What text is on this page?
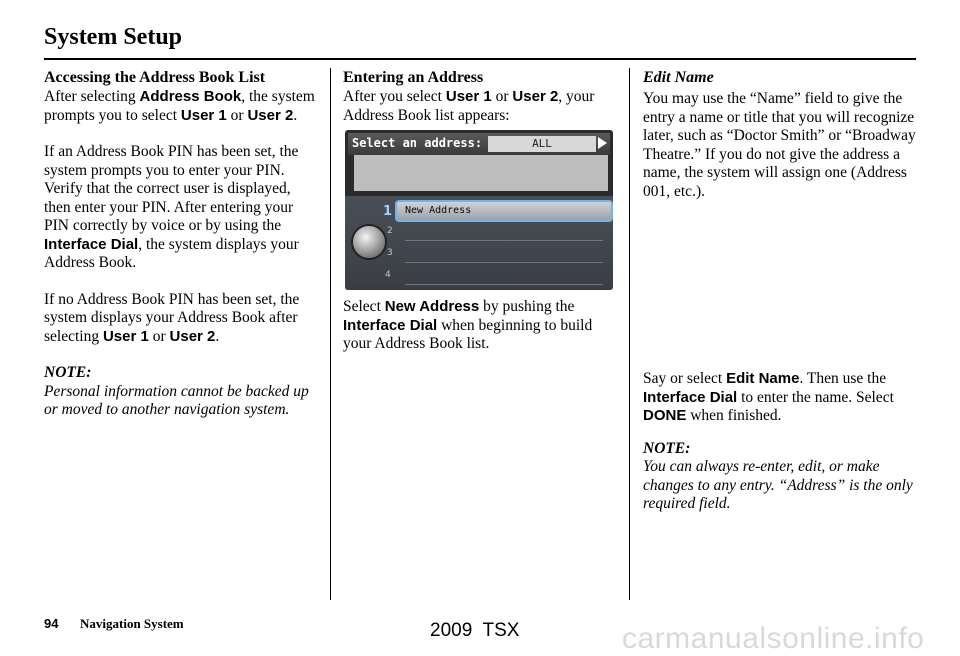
System Setup
Accessing the Address Book List

After selecting Address Book, the system prompts you to select User 1 or User 2.

If an Address Book PIN has been set, the system prompts you to enter your PIN. Verify that the correct user is displayed, then enter your PIN. After entering your PIN correctly by voice or by using the Interface Dial, the system displays your Address Book.

If no Address Book PIN has been set, the system displays your Address Book after selecting User 1 or User 2.

NOTE:

Personal information cannot be backed up or moved to another navigation system.

Entering an Address

After you select User 1 or User 2, your Address Book list appears:

Select New Address by pushing the Interface Dial when beginning to build your Address Book list.

Select an address:	ALL
New Address
1
2
3
4
Edit Name

You may use the “Name” field to give the entry a name or title that you will recognize later, such as “Doctor Smith” or “Broadway Theatre.” If you do not give the address a name, the system will assign one (Address 001, etc.).

Say or select Edit Name. Then use the Interface Dial to enter the name. Select DONE when finished.

NOTE:

You can always re-enter, edit, or make changes to any entry. “Address” is the only required field.

94 Navigation System	2009  TSX	carmanualsonline.info
